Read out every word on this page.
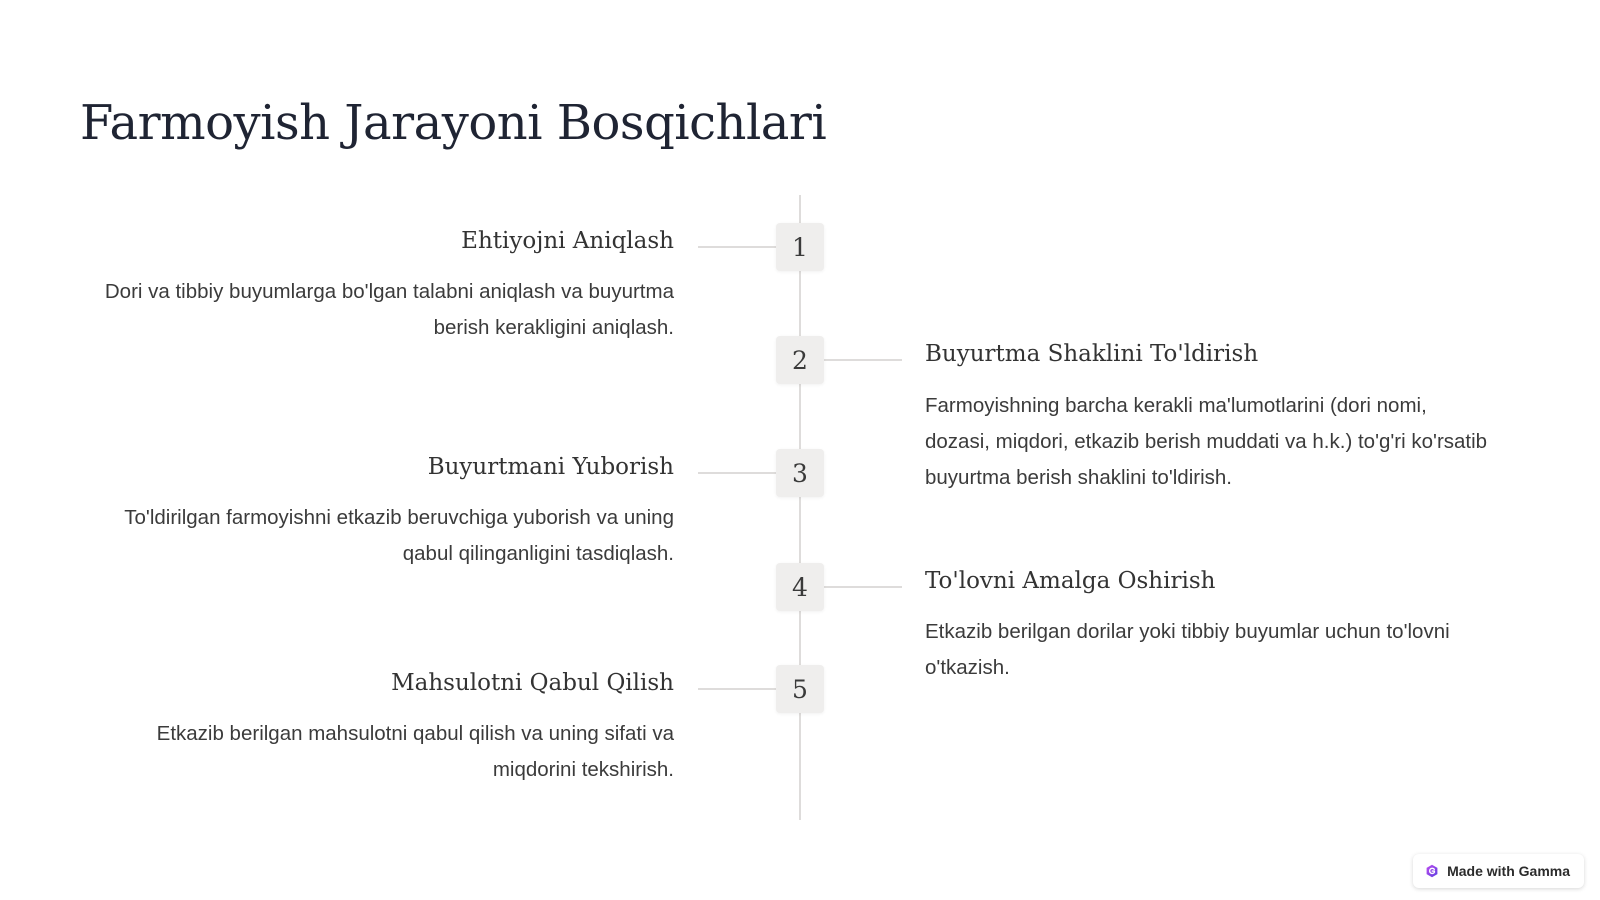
Farmoyish Jarayoni Bosqichlari
1
Ehtiyojni Aniqlash

Dori va tibbiy buyumlarga bo'lgan talabni aniqlash va buyurtma berish kerakligini aniqlash.

2	Buyurtma Shaklini To'ldirish

Farmoyishning barcha kerakli ma'lumotlarini (dori nomi, dozasi, miqdori, etkazib berish muddati va h.k.) to'g'ri ko'rsatib buyurtma berish shaklini to'ldirish.

3
Buyurtmani Yuborish

To'ldirilgan farmoyishni etkazib beruvchiga yuborish va uning qabul qilinganligini tasdiqlash.

4	To'lovni Amalga Oshirish

Etkazib berilgan dorilar yoki tibbiy buyumlar uchun to'lovni o'tkazish.

5
Mahsulotni Qabul Qilish

Etkazib berilgan mahsulotni qabul qilish va uning sifati va miqdorini tekshirish.

Made with Gamma
